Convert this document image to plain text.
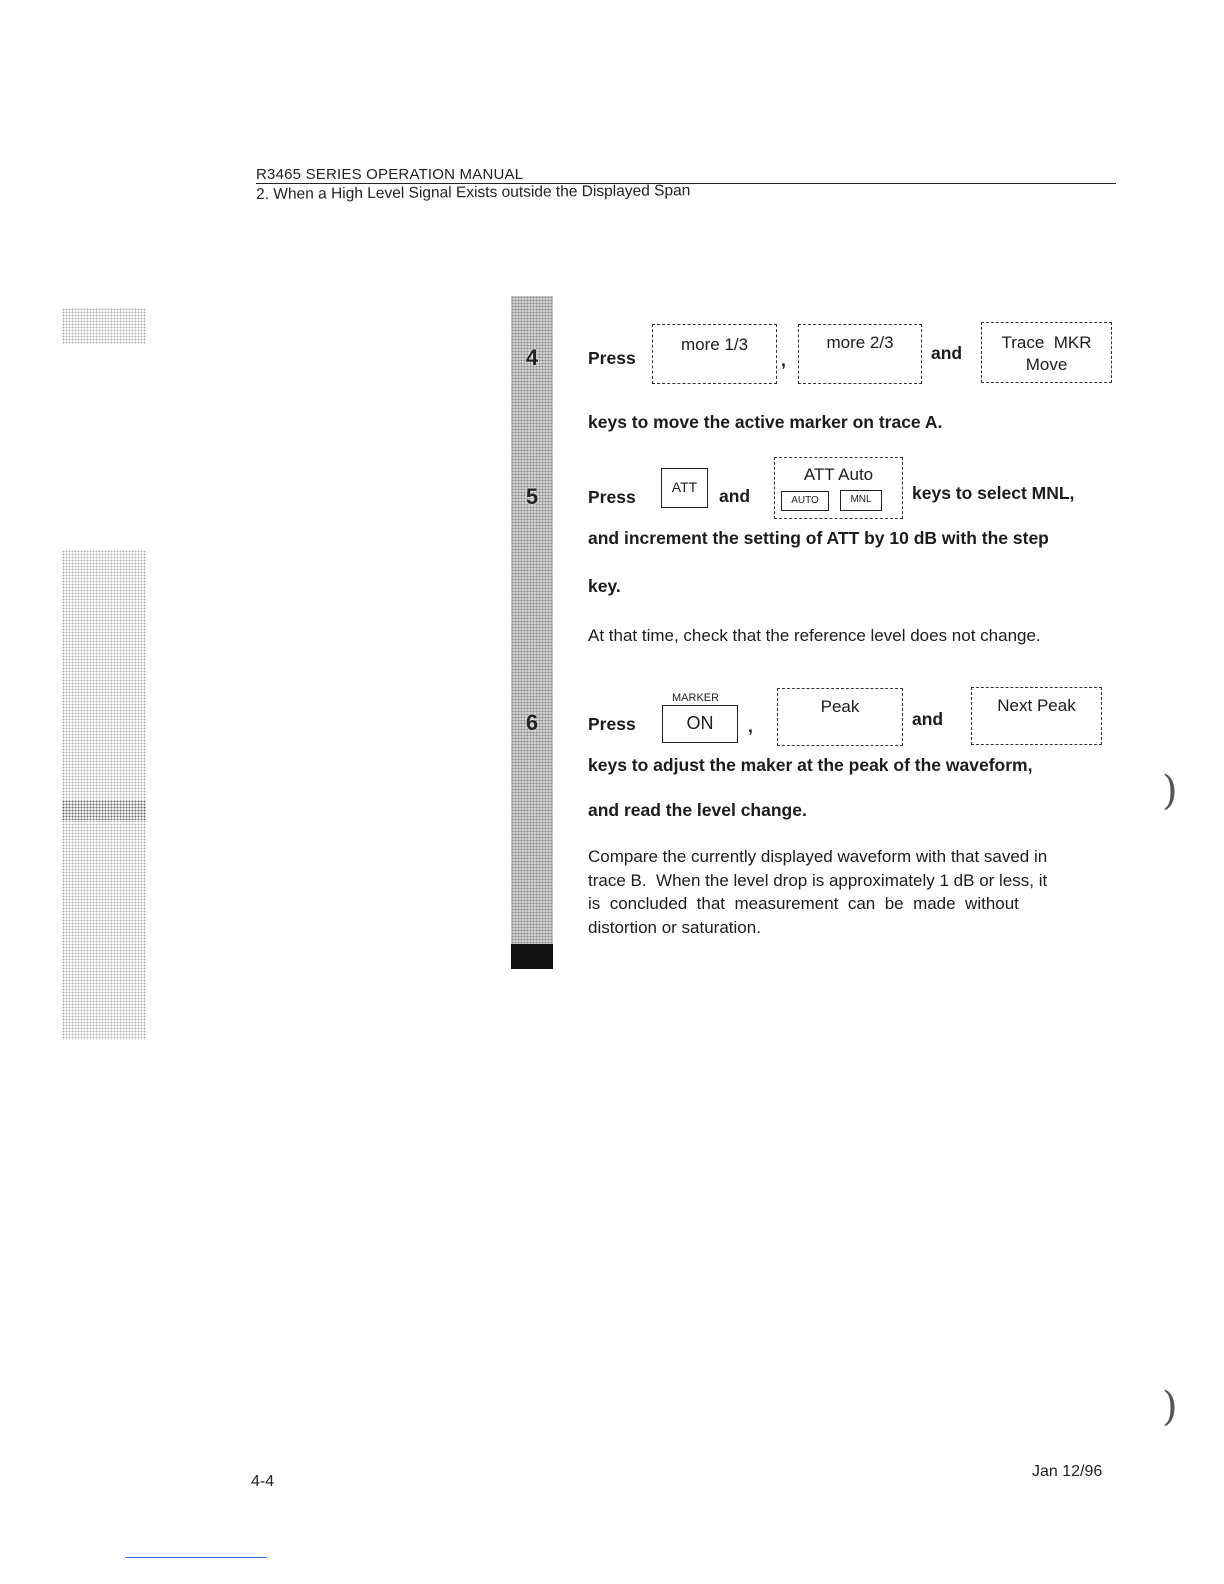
R3465 SERIES OPERATION MANUAL
2. When a High Level Signal Exists outside the Displayed Span
4
5
6
Press
more 1/3
,
more 2/3
and
Trace  MKR
Move
keys to move the active marker on trace A.
Press	ATT	and
ATT Auto
AUTO	MNL	keys to select MNL,
and increment the setting of ATT by 10 dB with the step
key.
At that time, check that the reference level does not change.
Press
MARKER
ON	,
Peak
and
Next Peak
keys to adjust the maker at the peak of the waveform,
and read the level change.
Compare the currently displayed waveform with that saved in
trace B.  When the level drop is approximately 1 dB or less, it
is  concluded  that  measurement  can  be  made  without
distortion or saturation.
)
)
4-4
Jan 12/96
